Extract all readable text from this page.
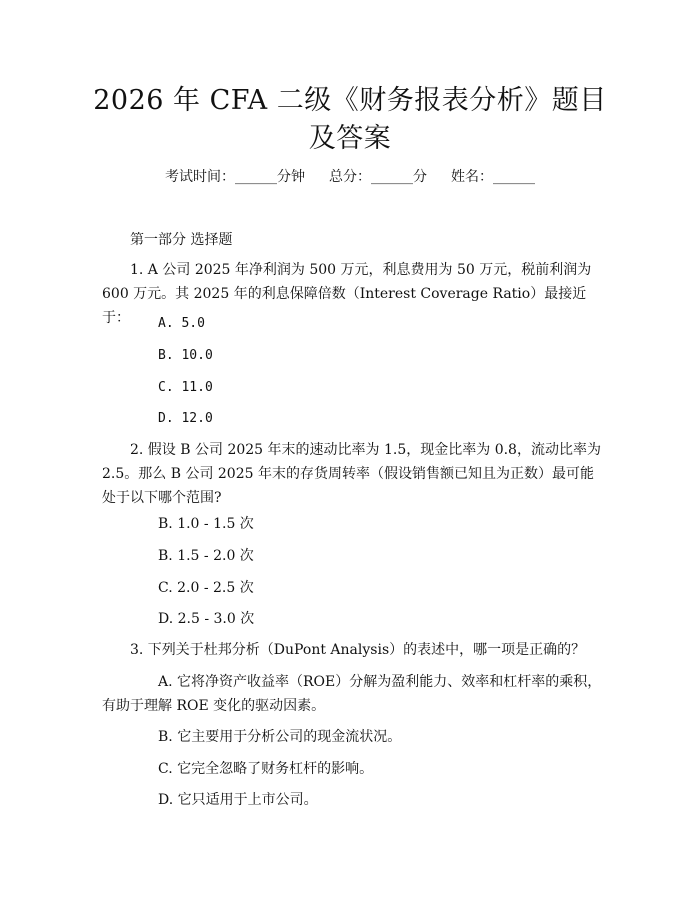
2026 年 CFA 二级《财务报表分析》题目及答案
考试时间：______分钟 总分：______分 姓名：______
第一部分 选择题
1. A 公司 2025 年净利润为 500 万元，利息费用为 50 万元，税前利润为 600 万元。其 2025 年的利息保障倍数（Interest Coverage Ratio）最接近于：	A. 5.0
B. 10.0
C. 11.0
D. 12.0
2. 假设 B 公司 2025 年末的速动比率为 1.5，现金比率为 0.8，流动比率为 2.5。那么 B 公司 2025 年末的存货周转率（假设销售额已知且为正数）最可能处于以下哪个范围?
B. 1.0 - 1.5 次
B. 1.5 - 2.0 次
C. 2.0 - 2.5 次
D. 2.5 - 3.0 次
3. 下列关于杜邦分析（DuPont Analysis）的表述中，哪一项是正确的？
A. 它将净资产收益率（ROE）分解为盈利能力、效率和杠杆率的乘积，有助于理解 ROE 变化的驱动因素。
B. 它主要用于分析公司的现金流状况。
C. 它完全忽略了财务杠杆的影响。
D. 它只适用于上市公司。
